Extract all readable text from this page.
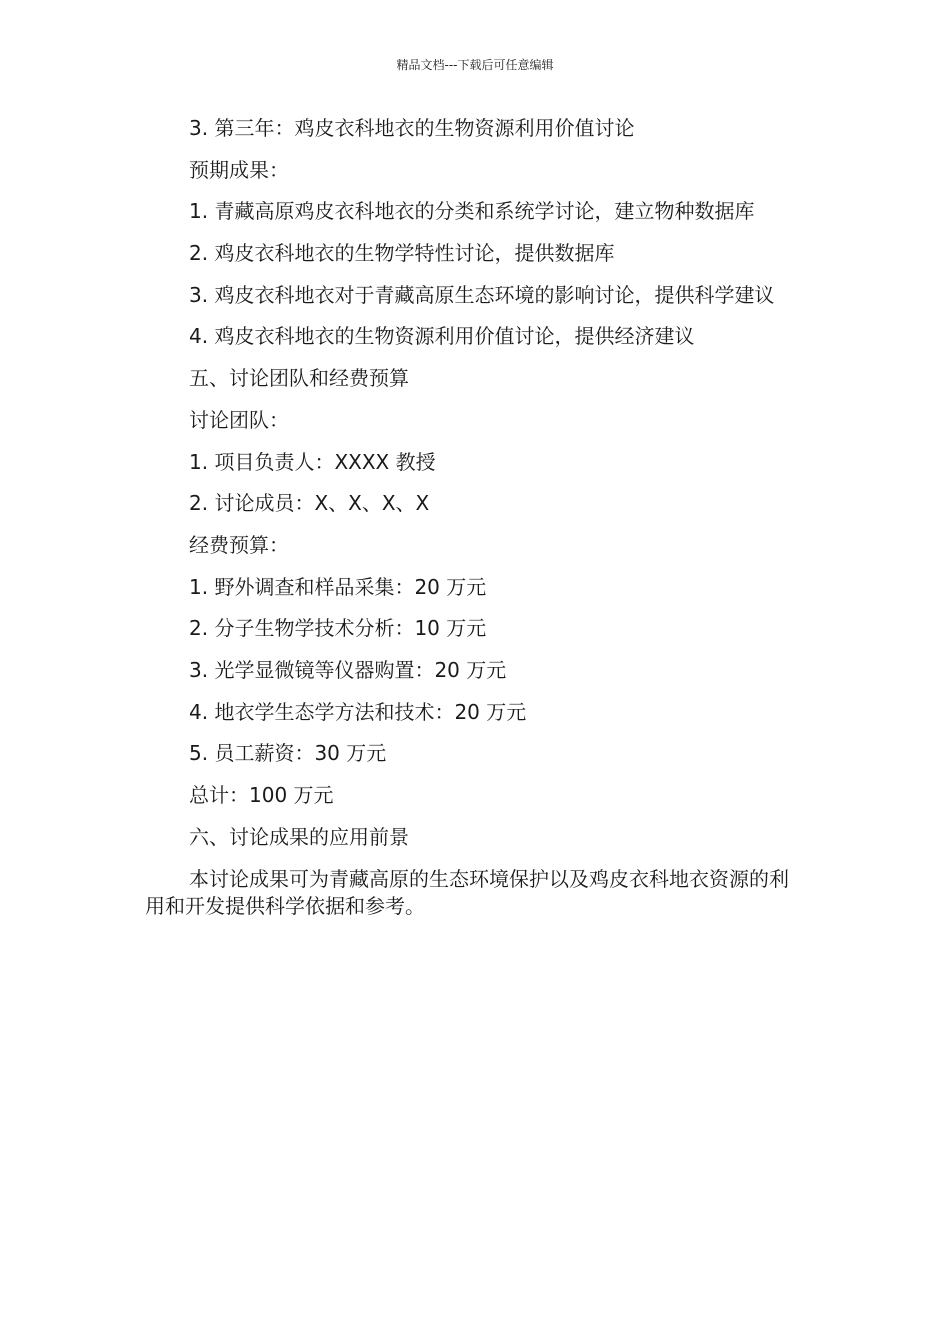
精品文档---下载后可任意编辑
3. 第三年：鸡皮衣科地衣的生物资源利用价值讨论
预期成果：
1. 青藏高原鸡皮衣科地衣的分类和系统学讨论，建立物种数据库
2. 鸡皮衣科地衣的生物学特性讨论，提供数据库
3. 鸡皮衣科地衣对于青藏高原生态环境的影响讨论，提供科学建议
4. 鸡皮衣科地衣的生物资源利用价值讨论，提供经济建议
五、讨论团队和经费预算
讨论团队：
1. 项目负责人：XXXX 教授
2. 讨论成员：X、X、X、X
经费预算：
1. 野外调查和样品采集：20 万元
2. 分子生物学技术分析：10 万元
3. 光学显微镜等仪器购置：20 万元
4. 地衣学生态学方法和技术：20 万元
5. 员工薪资：30 万元
总计：100 万元
六、讨论成果的应用前景
本讨论成果可为青藏高原的生态环境保护以及鸡皮衣科地衣资源的利用和开发提供科学依据和参考。
